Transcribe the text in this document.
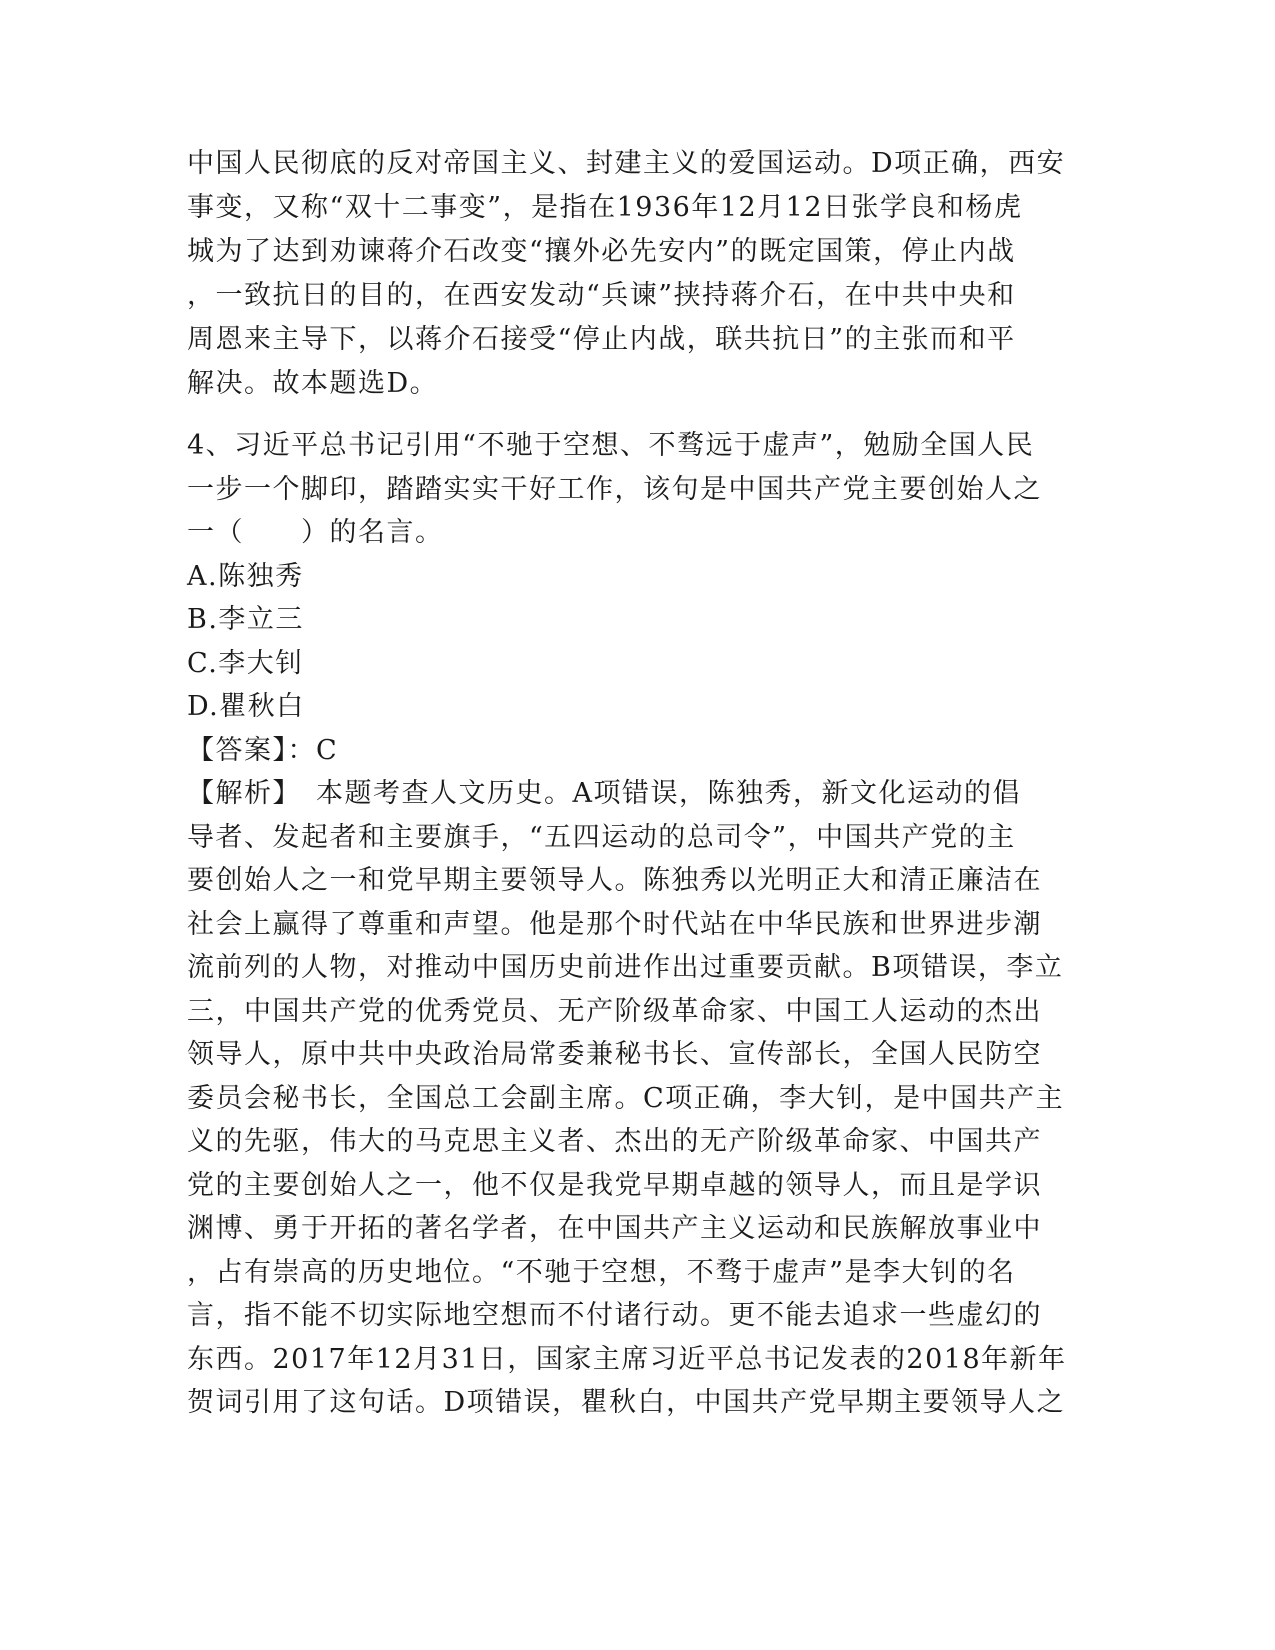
中国人民彻底的反对帝国主义、封建主义的爱国运动。D项正确，西安
事变，又称“双十二事变”，是指在1936年12月12日张学良和杨虎
城为了达到劝谏蒋介石改变“攘外必先安内”的既定国策，停止内战
，一致抗日的目的，在西安发动“兵谏”挟持蒋介石，在中共中央和
周恩来主导下，以蒋介石接受“停止内战，联共抗日”的主张而和平
解决。故本题选D。
4、习近平总书记引用“不驰于空想、不骛远于虚声”，勉励全国人民
一步一个脚印，踏踏实实干好工作，该句是中国共产党主要创始人之
一（　　）的名言。
A.陈独秀
B.李立三
C.李大钊
D.瞿秋白
【答案】：C
【解析】　本题考查人文历史。A项错误，陈独秀，新文化运动的倡
导者、发起者和主要旗手，“五四运动的总司令”，中国共产党的主
要创始人之一和党早期主要领导人。陈独秀以光明正大和清正廉洁在
社会上赢得了尊重和声望。他是那个时代站在中华民族和世界进步潮
流前列的人物，对推动中国历史前进作出过重要贡献。B项错误，李立
三，中国共产党的优秀党员、无产阶级革命家、中国工人运动的杰出
领导人，原中共中央政治局常委兼秘书长、宣传部长，全国人民防空
委员会秘书长，全国总工会副主席。C项正确，李大钊，是中国共产主
义的先驱，伟大的马克思主义者、杰出的无产阶级革命家、中国共产
党的主要创始人之一，他不仅是我党早期卓越的领导人，而且是学识
渊博、勇于开拓的著名学者，在中国共产主义运动和民族解放事业中
，占有崇高的历史地位。“不驰于空想，不骛于虚声”是李大钊的名
言，指不能不切实际地空想而不付诸行动。更不能去追求一些虚幻的
东西。2017年12月31日，国家主席习近平总书记发表的2018年新年
贺词引用了这句话。D项错误，瞿秋白，中国共产党早期主要领导人之
